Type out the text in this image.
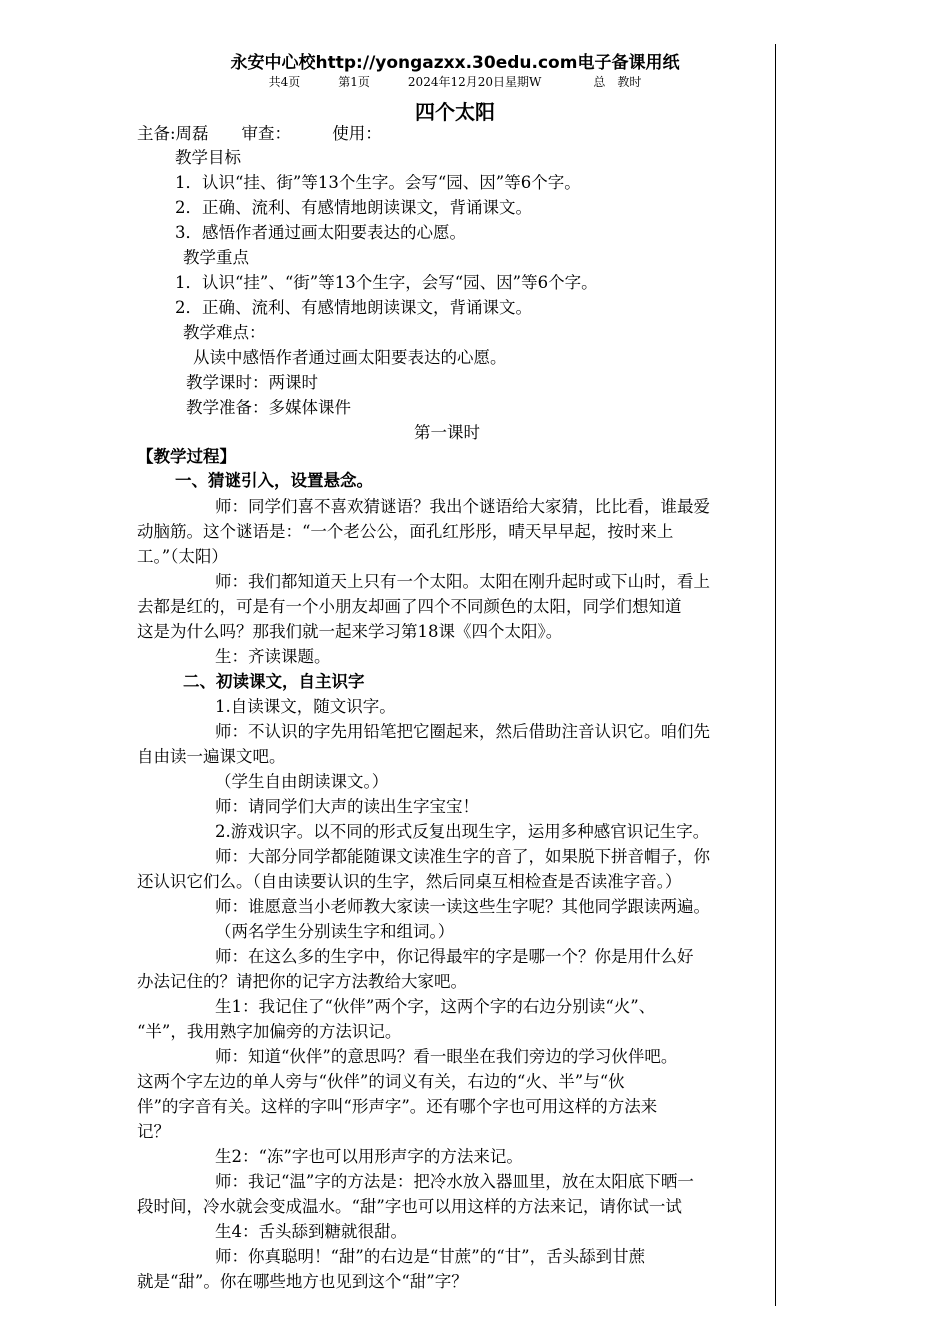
永安中心校http://yongazxx.30edu.com电子备课用纸
共4页	第1页	2024年12月20日星期W	总　教时
四个太阳
主备:周磊　　审查：　　　使用：
教学目标
1．认识“挂、街”等13个生字。会写“园、因”等6个字。
2．正确、流利、有感情地朗读课文，背诵课文。
3．感悟作者通过画太阳要表达的心愿。
教学重点
1．认识“挂”、“街”等13个生字，会写“园、因”等6个字。
2．正确、流利、有感情地朗读课文，背诵课文。
教学难点：
从读中感悟作者通过画太阳要表达的心愿。
教学课时：两课时
教学准备：多媒体课件
第一课时
【教学过程】
一、猜谜引入，设置悬念。
师：同学们喜不喜欢猜谜语？我出个谜语给大家猜，比比看，谁最爱
动脑筋。这个谜语是：“一个老公公，面孔红彤彤，晴天早早起，按时来上
工。”（太阳）
师：我们都知道天上只有一个太阳。太阳在刚升起时或下山时，看上
去都是红的，可是有一个小朋友却画了四个不同颜色的太阳，同学们想知道
这是为什么吗？那我们就一起来学习第18课《四个太阳》。
生：齐读课题。
二、初读课文，自主识字
1.自读课文，随文识字。
师：不认识的字先用铅笔把它圈起来，然后借助注音认识它。咱们先
自由读一遍课文吧。
（学生自由朗读课文。）
师：请同学们大声的读出生字宝宝！
2.游戏识字。以不同的形式反复出现生字，运用多种感官识记生字。
师：大部分同学都能随课文读准生字的音了，如果脱下拼音帽子，你
还认识它们么。（自由读要认识的生字，然后同桌互相检查是否读准字音。）
师：谁愿意当小老师教大家读一读这些生字呢？其他同学跟读两遍。
（两名学生分别读生字和组词。）
师：在这么多的生字中，你记得最牢的字是哪一个？你是用什么好
办法记住的？请把你的记字方法教给大家吧。
生1：我记住了“伙伴”两个字，这两个字的右边分别读“火”、
“半”，我用熟字加偏旁的方法识记。
师：知道“伙伴”的意思吗？看一眼坐在我们旁边的学习伙伴吧。
这两个字左边的单人旁与“伙伴”的词义有关，右边的“火、半”与“伙
伴”的字音有关。这样的字叫“形声字”。还有哪个字也可用这样的方法来
记？
生2：“冻”字也可以用形声字的方法来记。
师：我记“温”字的方法是：把冷水放入器皿里，放在太阳底下晒一
段时间，冷水就会变成温水。“甜”字也可以用这样的方法来记，请你试一试
生4：舌头舔到糖就很甜。
师：你真聪明！“甜”的右边是“甘蔗”的“甘”，舌头舔到甘蔗
就是“甜”。你在哪些地方也见到这个“甜”字？
